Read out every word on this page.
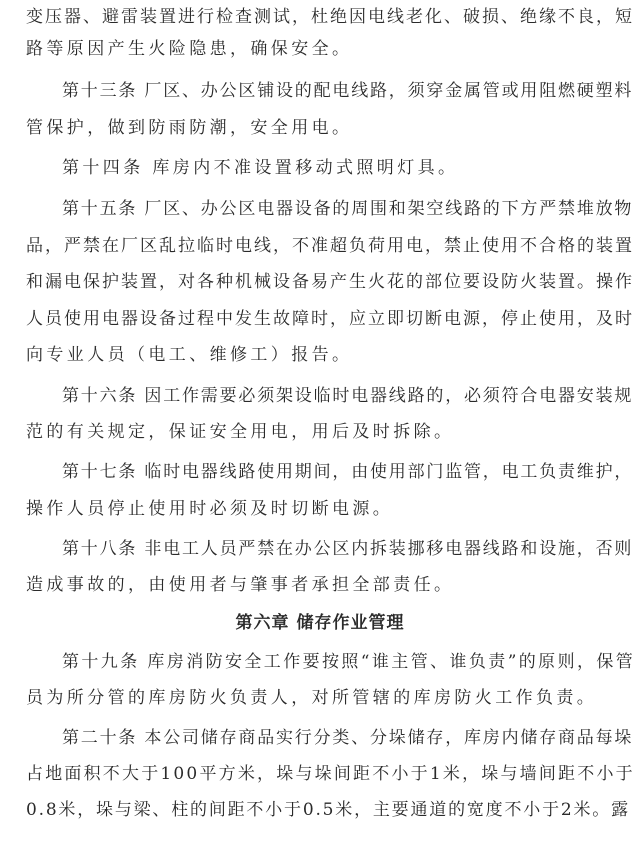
变压器、避雷装置进行检查测试，杜绝因电线老化、破损、绝缘不良，短
路等原因产生火险隐患，确保安全。
第十三条 厂区、办公区铺设的配电线路，须穿金属管或用阻燃硬塑料
管保护，做到防雨防潮，安全用电。
第十四条 库房内不准设置移动式照明灯具。
第十五条 厂区、办公区电器设备的周围和架空线路的下方严禁堆放物
品，严禁在厂区乱拉临时电线，不准超负荷用电，禁止使用不合格的装置
和漏电保护装置，对各种机械设备易产生火花的部位要设防火装置。操作
人员使用电器设备过程中发生故障时，应立即切断电源，停止使用，及时
向专业人员（电工、维修工）报告。
第十六条 因工作需要必须架设临时电器线路的，必须符合电器安装规
范的有关规定，保证安全用电，用后及时拆除。
第十七条 临时电器线路使用期间，由使用部门监管，电工负责维护，
操作人员停止使用时必须及时切断电源。
第十八条 非电工人员严禁在办公区内拆装挪移电器线路和设施，否则
造成事故的，由使用者与肇事者承担全部责任。
第六章 储存作业管理
第十九条 库房消防安全工作要按照“谁主管、谁负责”的原则，保管
员为所分管的库房防火负责人，对所管辖的库房防火工作负责。
第二十条 本公司储存商品实行分类、分垛储存，库房内储存商品每垛
占地面积不大于100平方米，垛与垛间距不小于1米，垛与墙间距不小于
0.8米，垛与梁、柱的间距不小于0.5米，主要通道的宽度不小于2米。露
